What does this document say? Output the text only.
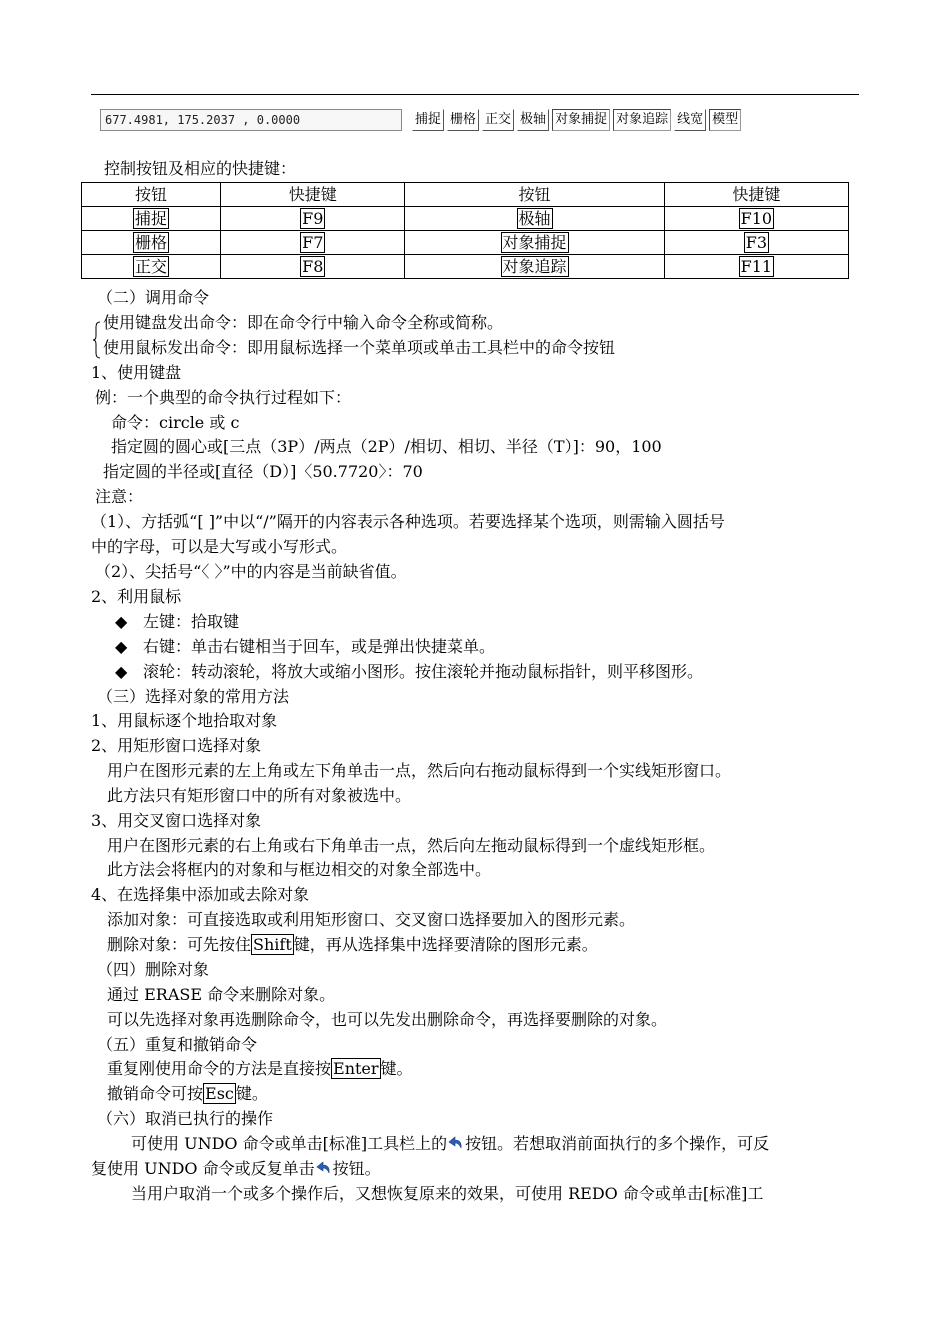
677.4981, 175.2037 , 0.0000	捕捉 栅格 正交 极轴 对象捕捉 对象追踪 线宽 模型
控制按钮及相应的快捷键：
按钮	快捷键	按钮	快捷键
捕捉	F9	极轴	F10
栅格	F7	对象捕捉	F3
正交	F8	对象追踪	F11
（二）调用命令
使用键盘发出命令：即在命令行中输入命令全称或简称。
使用鼠标发出命令：即用鼠标选择一个菜单项或单击工具栏中的命令按钮
1、使用键盘
例：一个典型的命令执行过程如下：
命令：circle 或 c
指定圆的圆心或[三点（3P）/两点（2P）/相切、相切、半径（T）]：90，100
指定圆的半径或[直径（D）]〈50.7720〉：70
注意：
（1）、方括弧“[ ]”中以“/”隔开的内容表示各种选项。若要选择某个选项，则需输入圆括号
中的字母，可以是大写或小写形式。
（2）、尖括号“〈 〉”中的内容是当前缺省值。
2、利用鼠标
◆ 左键：拾取键
◆ 右键：单击右键相当于回车，或是弹出快捷菜单。
◆ 滚轮：转动滚轮，将放大或缩小图形。按住滚轮并拖动鼠标指针，则平移图形。
（三）选择对象的常用方法
1、用鼠标逐个地拾取对象
2、用矩形窗口选择对象
用户在图形元素的左上角或左下角单击一点，然后向右拖动鼠标得到一个实线矩形窗口。
此方法只有矩形窗口中的所有对象被选中。
3、用交叉窗口选择对象
用户在图形元素的右上角或右下角单击一点，然后向左拖动鼠标得到一个虚线矩形框。
此方法会将框内的对象和与框边相交的对象全部选中。
4、在选择集中添加或去除对象
添加对象：可直接选取或利用矩形窗口、交叉窗口选择要加入的图形元素。
删除对象：可先按住 Shift 键，再从选择集中选择要清除的图形元素。
（四）删除对象
通过 ERASE 命令来删除对象。
可以先选择对象再选删除命令，也可以先发出删除命令，再选择要删除的对象。
（五）重复和撤销命令
重复刚使用命令的方法是直接按 Enter 键。
撤销命令可按 Esc 键。
（六）取消已执行的操作
可使用 UNDO 命令或单击[标准]工具栏上的 按钮。若想取消前面执行的多个操作，可反
复使用 UNDO 命令或反复单击 按钮。
当用户取消一个或多个操作后，又想恢复原来的效果，可使用 REDO 命令或单击[标准]工
